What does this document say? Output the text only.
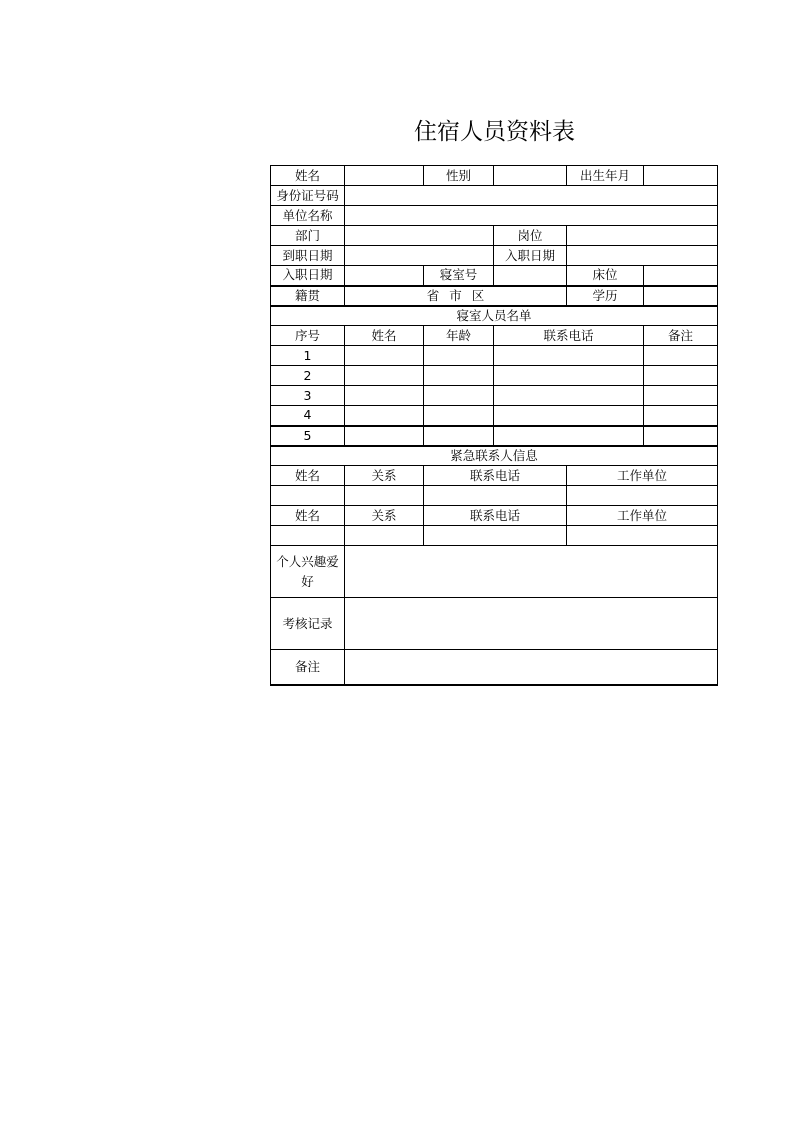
住宿人员资料表
姓名		性别		出生年月	
身份证号码					
单位名称					
部门			岗位		
到职日期			入职日期		
入职日期		寝室号		床位	
籍贯	省 市 区			学历	
寝室人员名单					
序号	姓名	年龄	联系电话		备注
1					
2					
3					
4					
5					
紧急联系人信息					
姓名	关系	联系电话		工作单位	

姓名	关系	联系电话		工作单位	

个人兴趣爱好					
考核记录					
备注					
